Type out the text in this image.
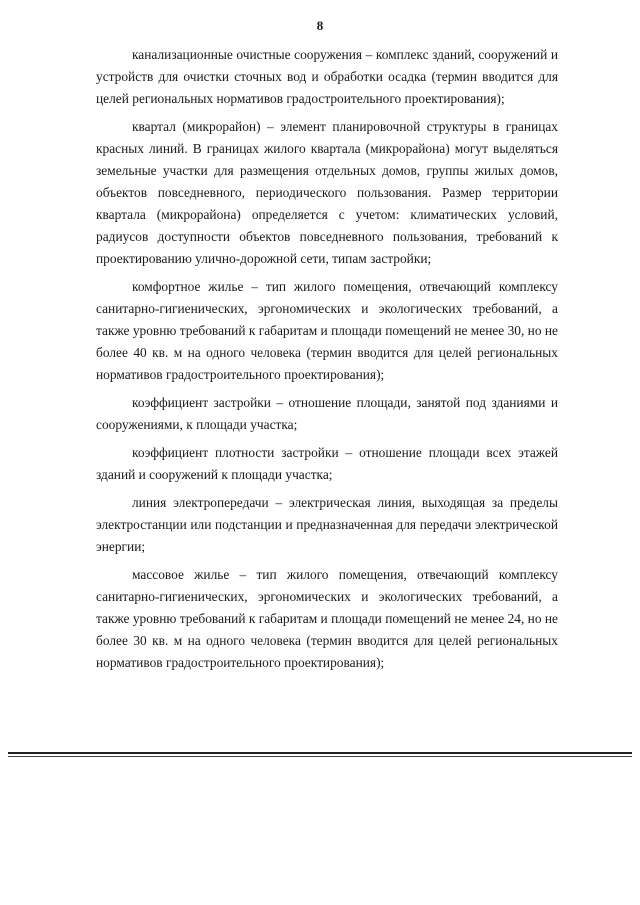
8

канализационные очистные сооружения – комплекс зданий, сооружений и устройств для очистки сточных вод и обработки осадка (термин вводится для целей региональных нормативов градостроительного проектирования);

квартал (микрорайон) – элемент планировочной структуры в границах красных линий. В границах жилого квартала (микрорайона) могут выделяться земельные участки для размещения отдельных домов, группы жилых домов, объектов повседневного, периодического пользования. Размер территории квартала (микрорайона) определяется с учетом: климатических условий, радиусов доступности объектов повседневного пользования, требований к проектированию улично-дорожной сети, типам застройки;

комфортное жилье – тип жилого помещения, отвечающий комплексу санитарно-гигиенических, эргономических и экологических требований, а также уровню требований к габаритам и площади помещений не менее 30, но не более 40 кв. м на одного человека (термин вводится для целей региональных нормативов градостроительного проектирования);

коэффициент застройки – отношение площади, занятой под зданиями и сооружениями, к площади участка;

коэффициент плотности застройки – отношение площади всех этажей зданий и сооружений к площади участка;

линия электропередачи – электрическая линия, выходящая за пределы электростанции или подстанции и предназначенная для передачи электрической энергии;

массовое жилье – тип жилого помещения, отвечающий комплексу санитарно-гигиенических, эргономических и экологических требований, а также уровню требований к габаритам и площади помещений не менее 24, но не более 30 кв. м на одного человека (термин вводится для целей региональных нормативов градостроительного проектирования);
